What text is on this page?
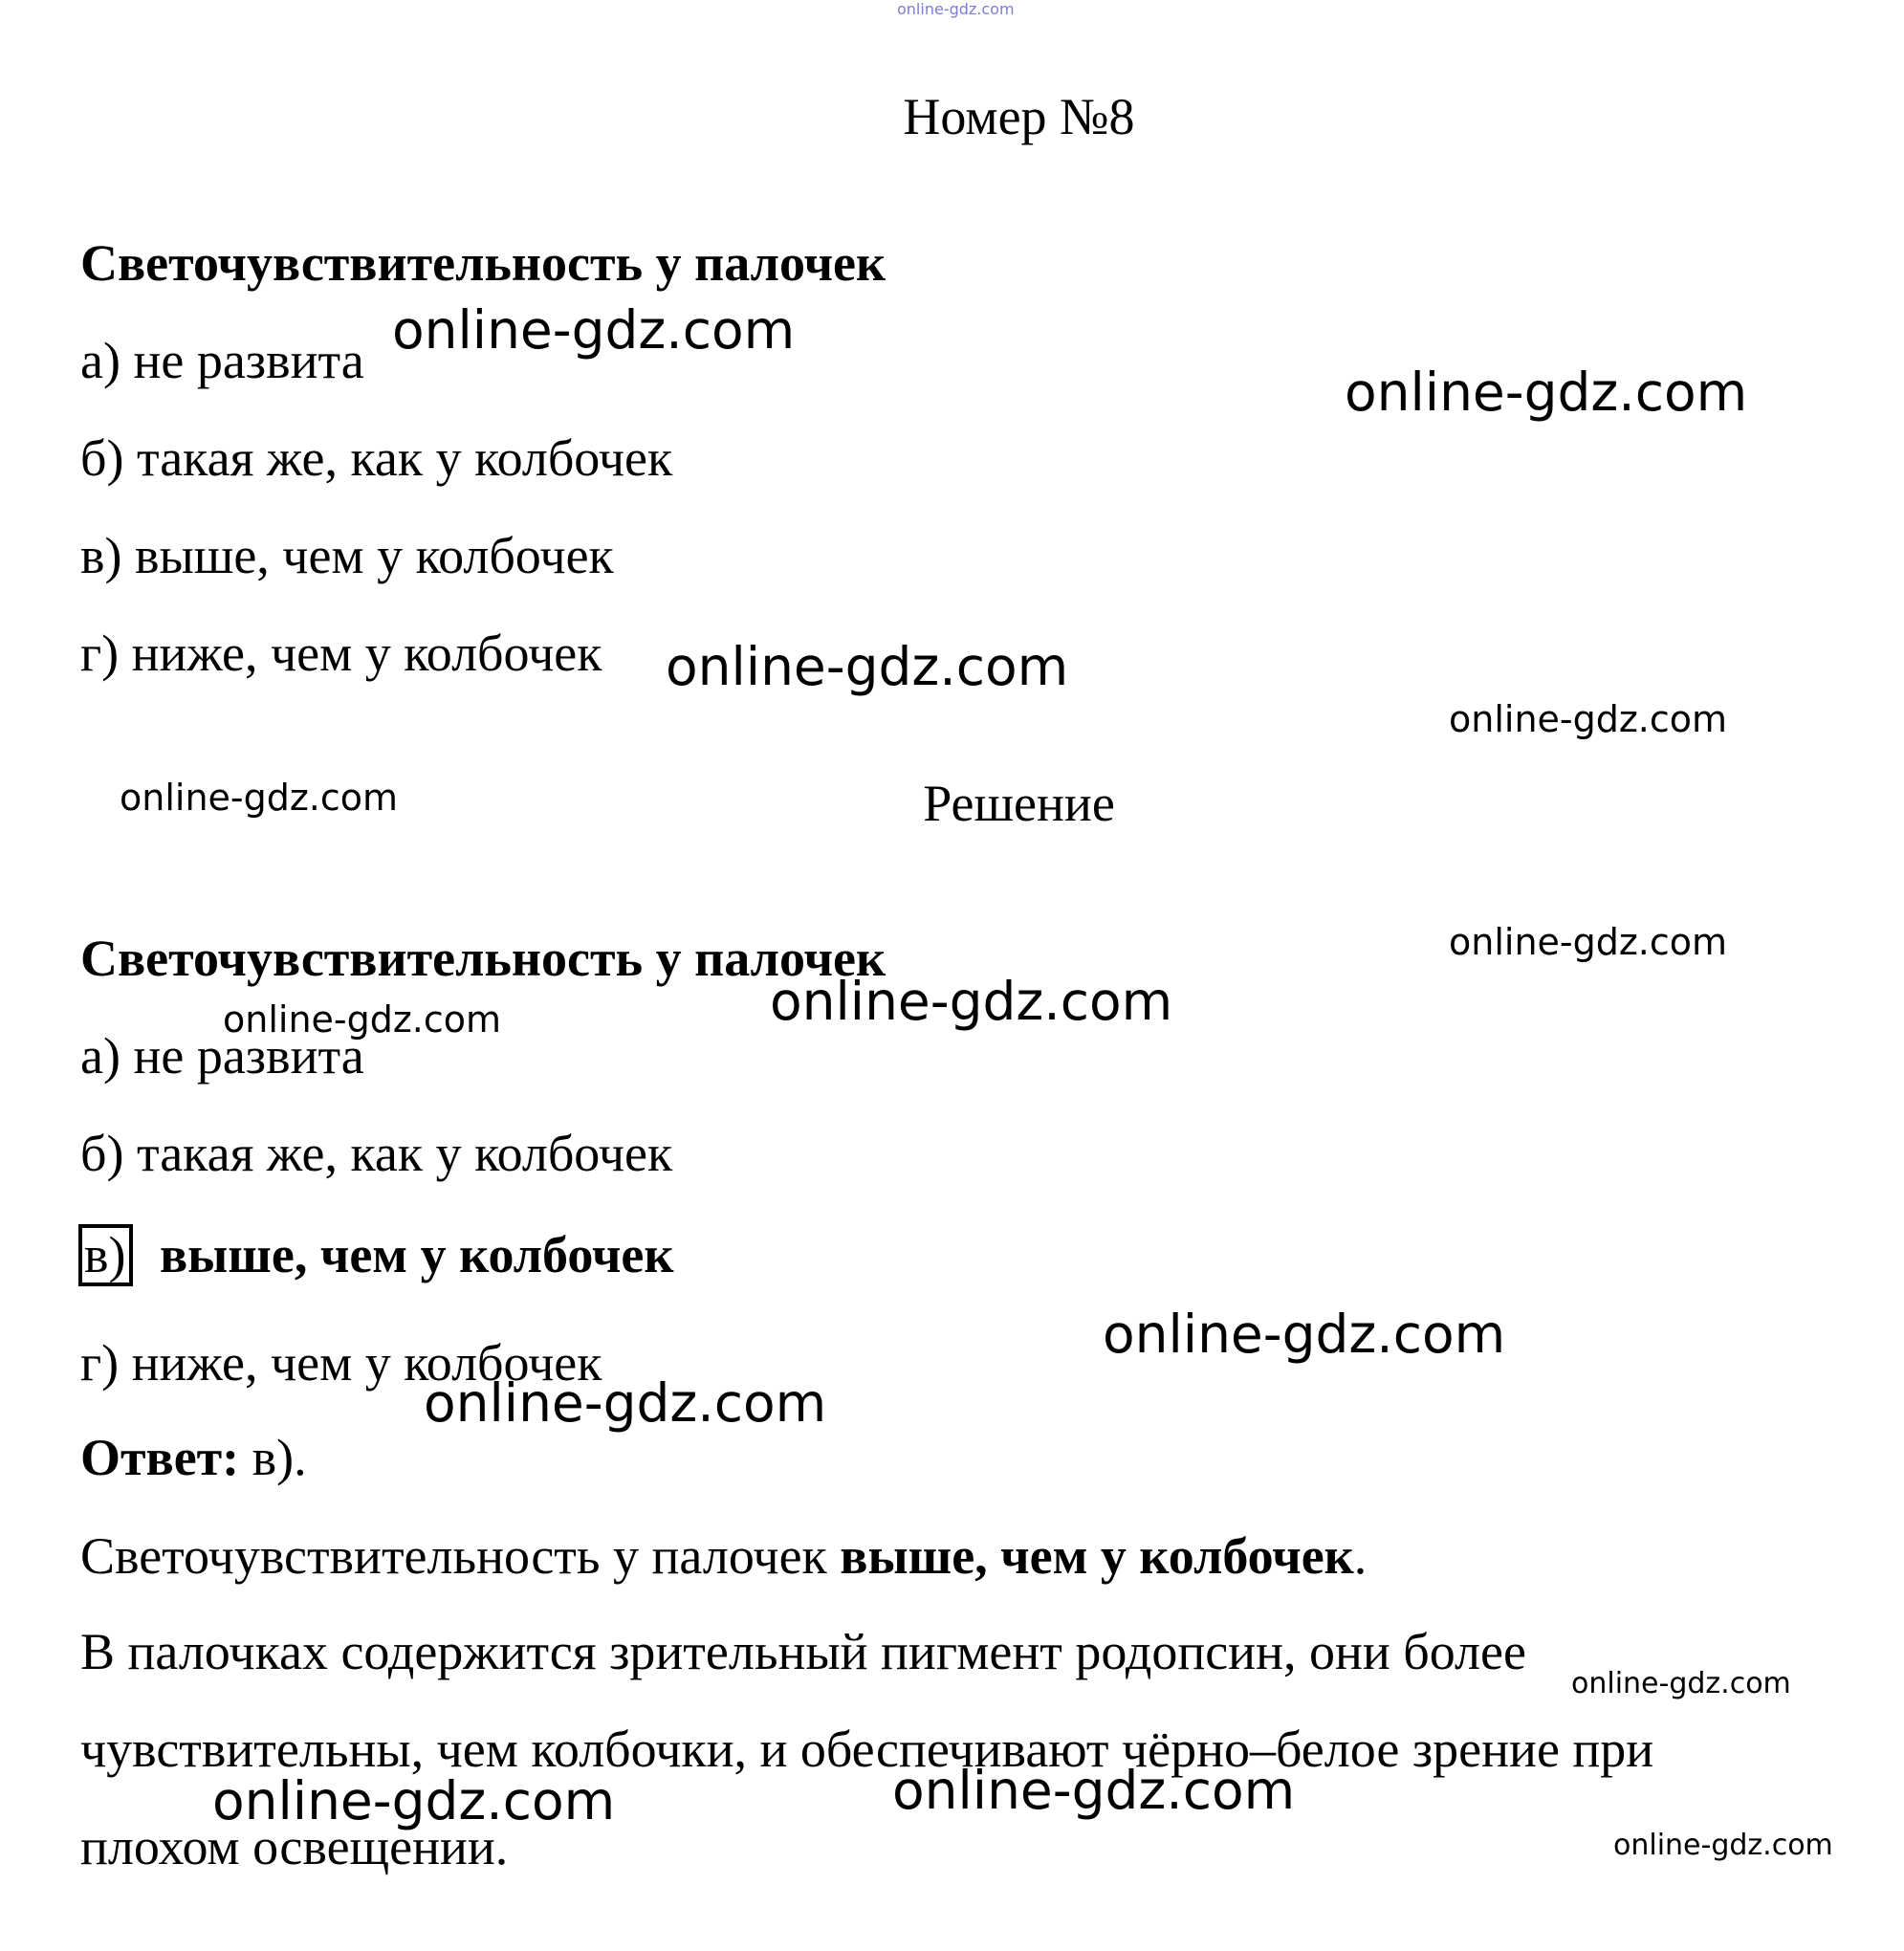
online-gdz.com
Номер №8
Светочувствительность у палочек
а) не развита
б) такая же, как у колбочек
в) выше, чем у колбочек
г) ниже, чем у колбочек
Решение
Светочувствительность у палочек
а) не развита
б) такая же, как у колбочек
в) выше, чем у колбочек
г) ниже, чем у колбочек
Ответ: в).
Светочувствительность у палочек выше, чем у колбочек.
В палочках содержится зрительный пигмент родопсин, они более
чувствительны, чем колбочки, и обеспечивают чёрно–белое зрение при
плохом освещении.
online-gdz.com
online-gdz.com
online-gdz.com
online-gdz.com
online-gdz.com
online-gdz.com
online-gdz.com
online-gdz.com
online-gdz.com
online-gdz.com
online-gdz.com
online-gdz.com
online-gdz.com
online-gdz.com
